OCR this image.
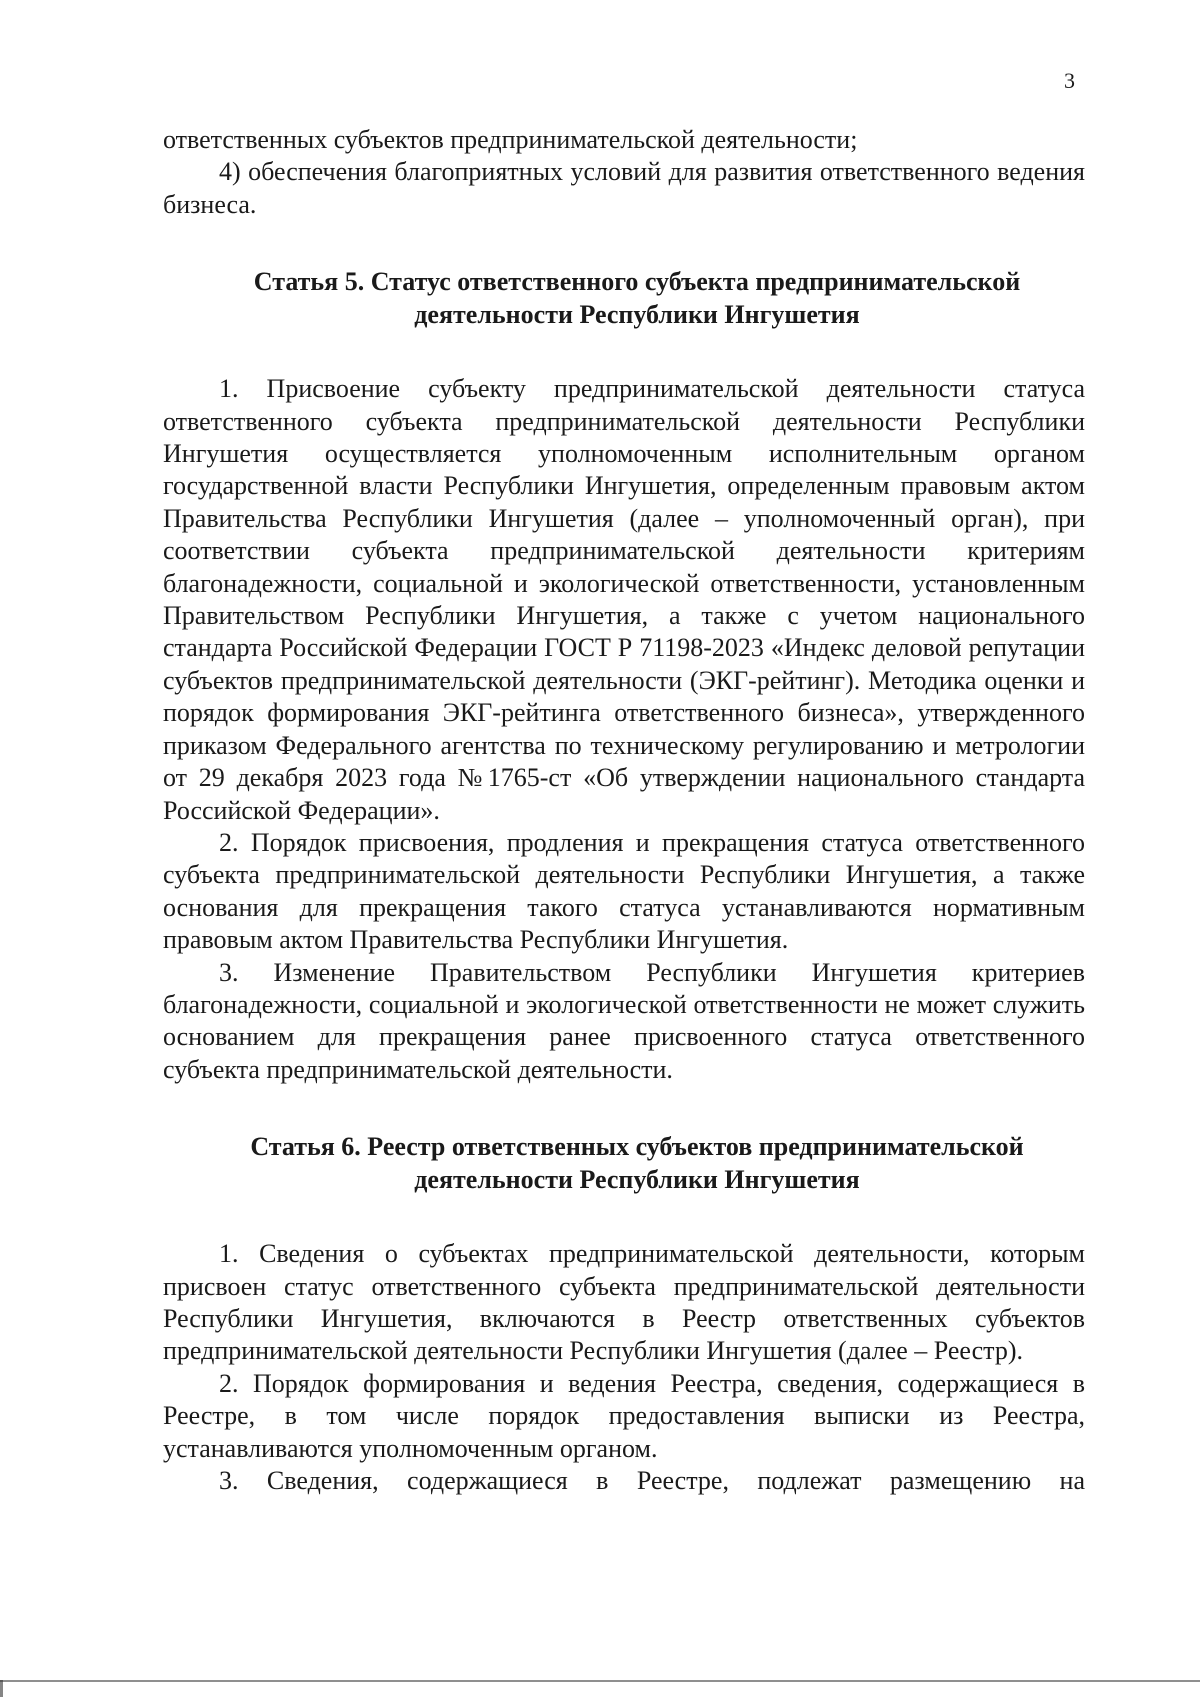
3

ответственных субъектов предпринимательской деятельности;

4) обеспечения благоприятных условий для развития ответственного ведения бизнеса.

Статья 5. Статус ответственного субъекта предпринимательской деятельности Республики Ингушетия

1. Присвоение субъекту предпринимательской деятельности статуса ответственного субъекта предпринимательской деятельности Республики Ингушетия осуществляется уполномоченным исполнительным органом государственной власти Республики Ингушетия, определенным правовым актом Правительства Республики Ингушетия (далее – уполномоченный орган), при соответствии субъекта предпринимательской деятельности критериям благонадежности, социальной и экологической ответственности, установленным Правительством Республики Ингушетия, а также с учетом национального стандарта Российской Федерации ГОСТ Р 71198-2023 «Индекс деловой репутации субъектов предпринимательской деятельности (ЭКГ-рейтинг). Методика оценки и порядок формирования ЭКГ-рейтинга ответственного бизнеса», утвержденного приказом Федерального агентства по техническому регулированию и метрологии от 29 декабря 2023 года №1765-ст «Об утверждении национального стандарта Российской Федерации».

2. Порядок присвоения, продления и прекращения статуса ответственного субъекта предпринимательской деятельности Республики Ингушетия, а также основания для прекращения такого статуса устанавливаются нормативным правовым актом Правительства Республики Ингушетия.

3. Изменение Правительством Республики Ингушетия критериев благонадежности, социальной и экологической ответственности не может служить основанием для прекращения ранее присвоенного статуса ответственного субъекта предпринимательской деятельности.

Статья 6. Реестр ответственных субъектов предпринимательской деятельности Республики Ингушетия

1. Сведения о субъектах предпринимательской деятельности, которым присвоен статус ответственного субъекта предпринимательской деятельности Республики Ингушетия, включаются в Реестр ответственных субъектов предпринимательской деятельности Республики Ингушетия (далее – Реестр).

2. Порядок формирования и ведения Реестра, сведения, содержащиеся в Реестре, в том числе порядок предоставления выписки из Реестра, устанавливаются уполномоченным органом.

3. Сведения, содержащиеся в Реестре, подлежат размещению на
